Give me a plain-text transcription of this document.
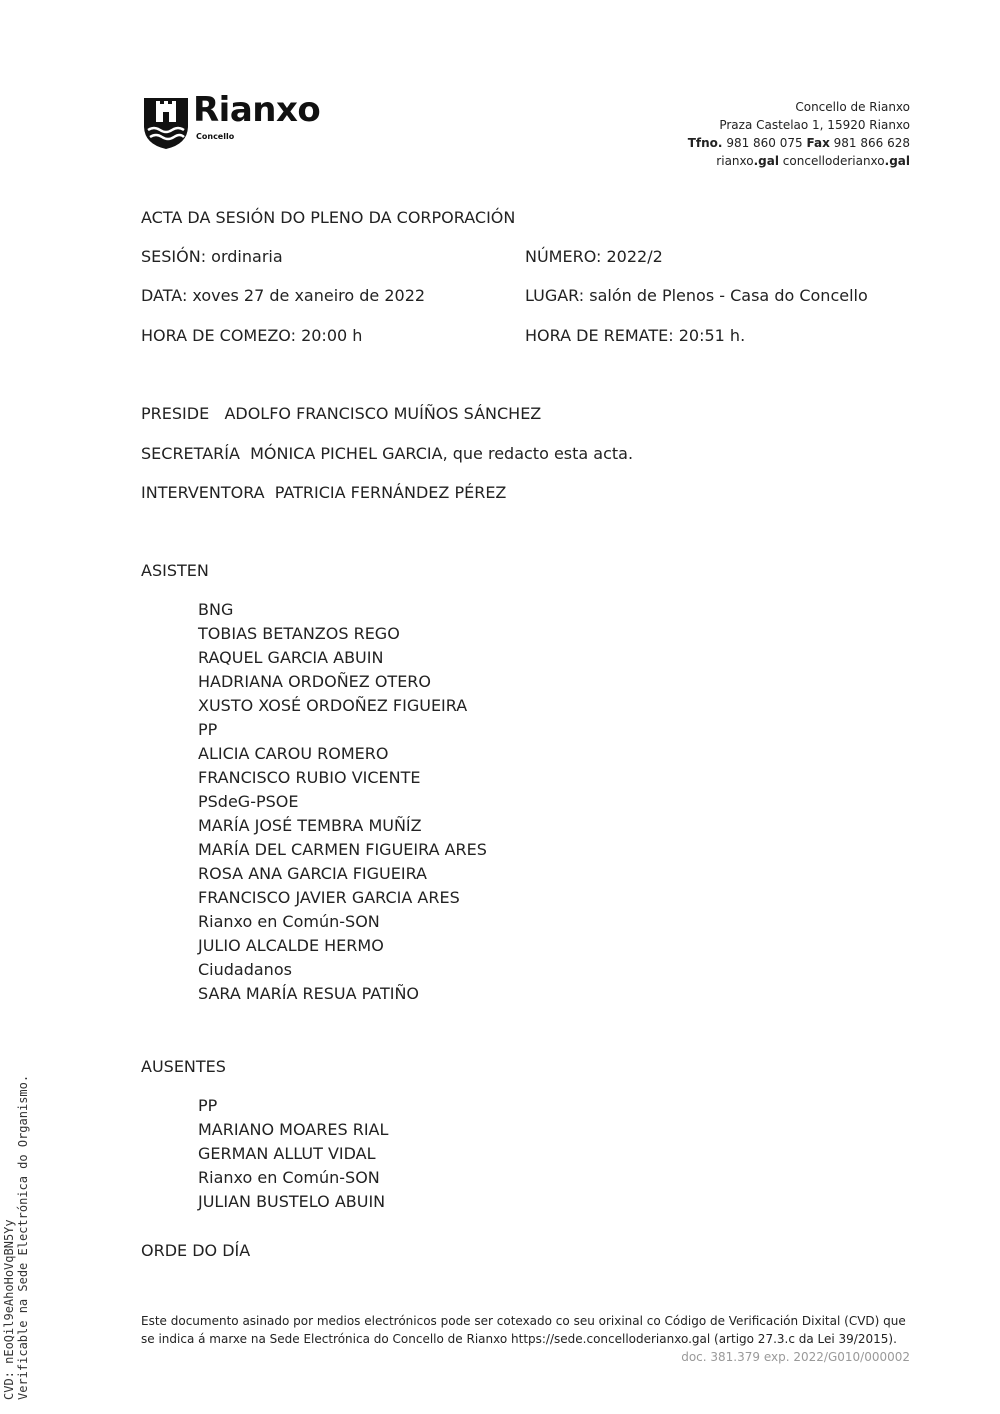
Rianxo
Concello
Concello de Rianxo
Praza Castelao 1, 15920 Rianxo
Tfno. 981 860 075 Fax 981 866 628
rianxo.gal concelloderianxo.gal
ACTA DA SESIÓN DO PLENO DA CORPORACIÓN
SESIÓN: ordinaria	NÚMERO: 2022/2
DATA: xoves 27 de xaneiro de 2022	LUGAR: salón de Plenos - Casa do Concello
HORA DE COMEZO: 20:00 h	HORA DE REMATE: 20:51 h.
PRESIDE   ADOLFO FRANCISCO MUÍÑOS SÁNCHEZ
SECRETARÍA  MÓNICA PICHEL GARCIA, que redacto esta acta.
INTERVENTORA  PATRICIA FERNÁNDEZ PÉREZ
ASISTEN
BNG
TOBIAS BETANZOS REGO
RAQUEL GARCIA ABUIN
HADRIANA ORDOÑEZ OTERO
XUSTO XOSÉ ORDOÑEZ FIGUEIRA
PP
ALICIA CAROU ROMERO
FRANCISCO RUBIO VICENTE
PSdeG-PSOE
MARÍA JOSÉ TEMBRA MUÑÍZ
MARÍA DEL CARMEN FIGUEIRA ARES
ROSA ANA GARCIA FIGUEIRA
FRANCISCO JAVIER GARCIA ARES
Rianxo en Común-SON
JULIO ALCALDE HERMO
Ciudadanos
SARA MARÍA RESUA PATIÑO
AUSENTES
PP
MARIANO MOARES RIAL
GERMAN ALLUT VIDAL
Rianxo en Común-SON
JULIAN BUSTELO ABUIN
ORDE DO DÍA
Este documento asinado por medios electrónicos pode ser cotexado co seu orixinal co Código de Verificación Dixital (CVD) que se indica á marxe na Sede Electrónica do Concello de Rianxo https://sede.concelloderianxo.gal (artigo 27.3.c da Lei 39/2015).
doc. 381.379 exp. 2022/G010/000002
CVD: nEoQil9eAhoHoVqBN5Yy Verificable na Sede Electrónica do Organismo.
